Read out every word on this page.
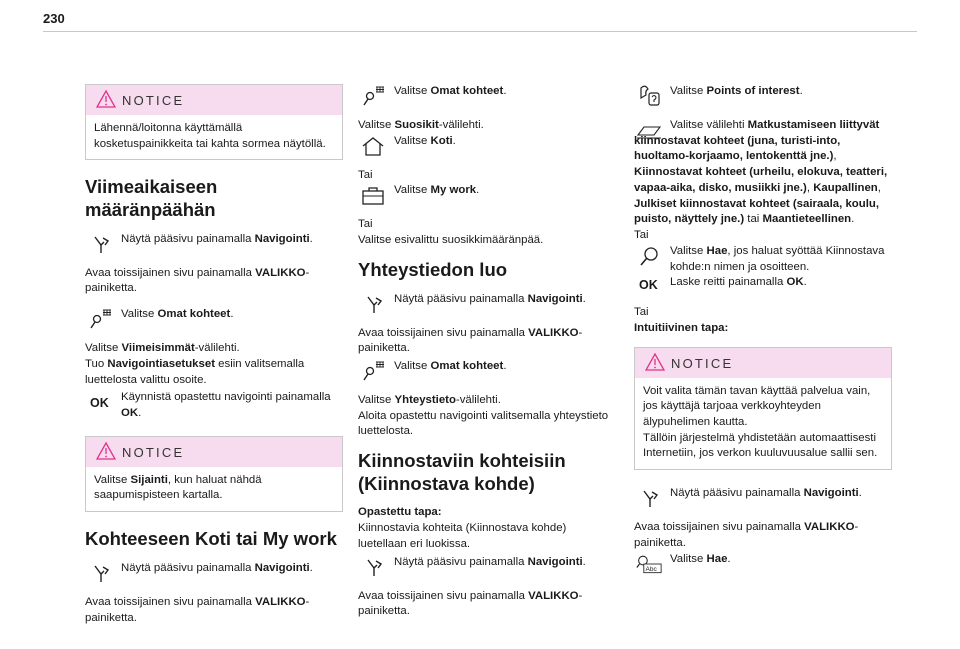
230
NOTICE
Lähennä/loitonna käyttämällä kosketuspainikkeita tai kahta sormea näytöllä.
Viimeaikaiseen määränpäähän
Näytä pääsivu painamalla Navigointi.

Avaa toissijainen sivu painamalla VALIKKO-painiketta.

Valitse Omat kohteet.

Valitse Viimeisimmät-välilehti.

Tuo Navigointiasetukset esiin valitsemalla luettelosta valittu osoite.

OK Käynnistä opastettu navigointi painamalla OK.
NOTICE
Valitse Sijainti, kun haluat nähdä saapumispisteen kartalla.
Kohteeseen Koti tai My work
Näytä pääsivu painamalla Navigointi.

Avaa toissijainen sivu painamalla VALIKKO-painiketta.

Valitse Omat kohteet.

Valitse Suosikit-välilehti.

Valitse Koti.

Tai

Valitse My work.

Tai

Valitse esivalittu suosikkimääränpää.

Yhteystiedon luo
Näytä pääsivu painamalla Navigointi.

Avaa toissijainen sivu painamalla VALIKKO-painiketta.

Valitse Omat kohteet.

Valitse Yhteystieto-välilehti.

Aloita opastettu navigointi valitsemalla yhteystieto luettelosta.

Kiinnostaviin kohteisiin (Kiinnostava kohde)

Opastettu tapa:
Kiinnostavia kohteita (Kiinnostava kohde) luetellaan eri luokissa.

Näytä pääsivu painamalla Navigointi.

Avaa toissijainen sivu painamalla VALIKKO-painiketta.

Valitse Points of interest.
Valitse välilehti Matkustamiseen liittyvät kiinnostavat kohteet (juna, turisti-into, huoltamo-korjaamo, lentokenttä jne.), Kiinnostavat kohteet (urheilu, elokuva, teatteri, vapaa-aika, disko, musiikki jne.), Kaupallinen, Julkiset kiinnostavat kohteet (sairaala, koulu, puisto, näyttely jne.) tai Maantieteellinen.

Tai

Valitse Hae, jos haluat syöttää Kiinnostava kohde:n nimen ja osoitteen.
OK Laske reitti painamalla OK.

Tai

Intuitiivinen tapa:

NOTICE
Voit valita tämän tavan käyttää palvelua vain, jos käyttäjä tarjoaa verkkoyhteyden älypuhelimen kautta.
Tällöin järjestelmä yhdistetään automaattisesti Internetiin, jos verkon kuuluvuusalue sallii sen.
Näytä pääsivu painamalla Navigointi.

Avaa toissijainen sivu painamalla VALIKKO-painiketta.

Abc
Valitse Hae.
